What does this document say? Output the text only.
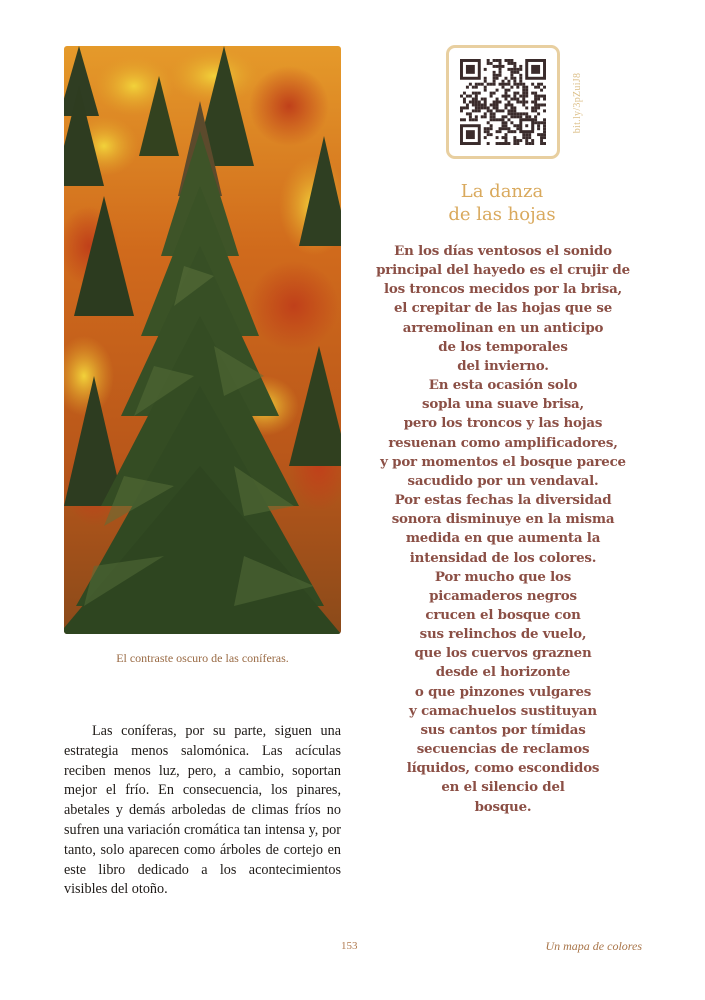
El contraste oscuro de las coníferas.

Las coníferas, por su parte, siguen una estrategia menos salomónica. Las acículas reciben menos luz, pero, a cambio, soportan mejor el frío. En consecuencia, los pinares, abetales y demás arboledas de climas fríos no sufren una variación cromática tan intensa y, por tanto, solo aparecen como árboles de cortejo en este libro dedicado a los acontecimientos visibles del otoño.

bit.ly/3pZuiJ8
La danza
de las hojas
En los días ventosos el sonido
principal del hayedo es el crujir de
los troncos mecidos por la brisa,
el crepitar de las hojas que se
arremolinan en un anticipo
de los temporales
del invierno.
En esta ocasión solo
sopla una suave brisa,
pero los troncos y las hojas
resuenan como amplificadores,
y por momentos el bosque parece
sacudido por un vendaval.
Por estas fechas la diversidad
sonora disminuye en la misma
medida en que aumenta la
intensidad de los colores.
Por mucho que los
picamaderos negros
crucen el bosque con
sus relinchos de vuelo,
que los cuervos graznen
desde el horizonte
o que pinzones vulgares
y camachuelos sustituyan
sus cantos por tímidas
secuencias de reclamos
líquidos, como escondidos
en el silencio del
bosque.
153	Un mapa de colores
